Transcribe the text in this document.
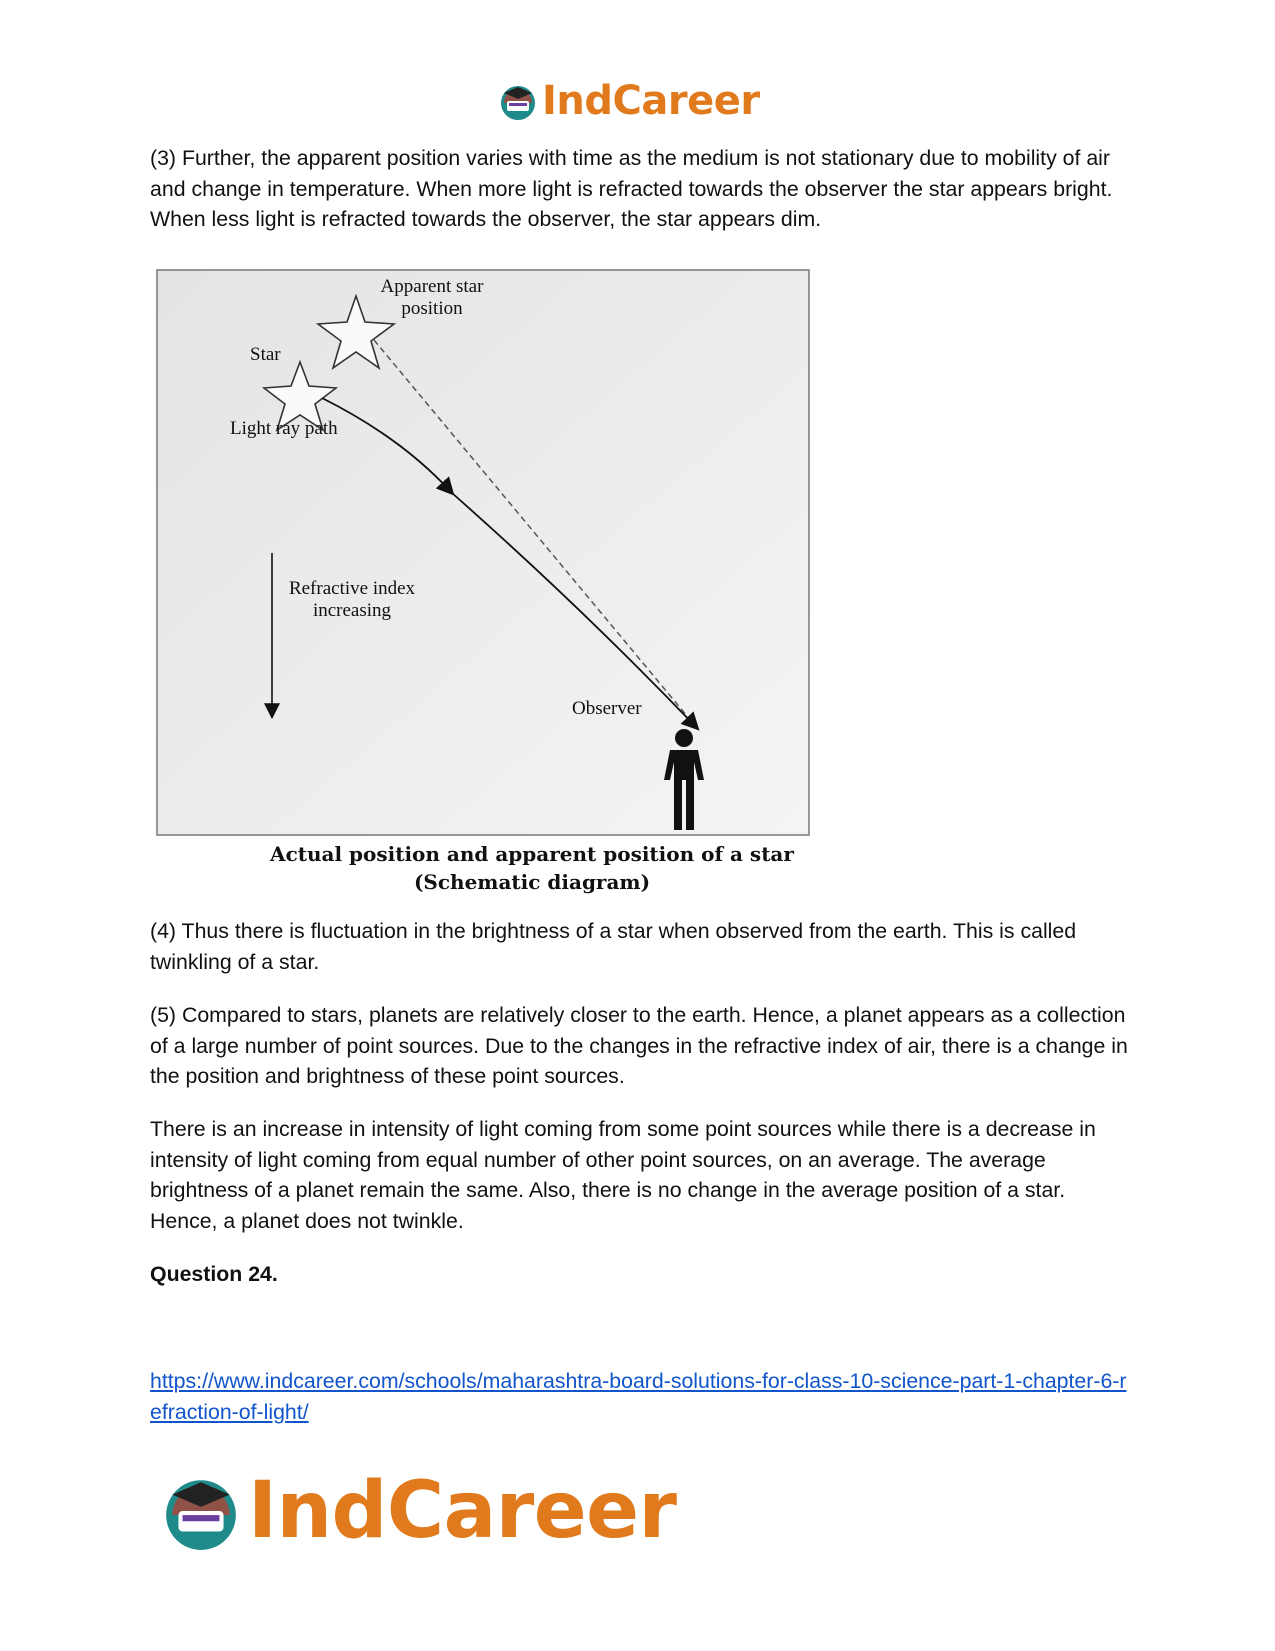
IndCareer

(3) Further, the apparent position varies with time as the medium is not stationary due to mobility of air and change in temperature. When more light is refracted towards the observer the star appears bright. When less light is refracted towards the observer, the star appears dim.

Apparent star
position
Star
Light ray path
Refractive index
increasing
Observer
Actual position and apparent position of a star
(Schematic diagram)

(4) Thus there is fluctuation in the brightness of a star when observed from the earth. This is called twinkling of a star.

(5) Compared to stars, planets are relatively closer to the earth. Hence, a planet appears as a collection of a large number of point sources. Due to the changes in the refractive index of air, there is a change in the position and brightness of these point sources.

There is an increase in intensity of light coming from some point sources while there is a decrease in intensity of light coming from equal number of other point sources, on an average. The average brightness of a planet remain the same. Also, there is no change in the average position of a star. Hence, a planet does not twinkle.

Question 24.

https://www.indcareer.com/schools/maharashtra-board-solutions-for-class-10-science-part-1-chapter-6-refraction-of-light/
IndCareer
